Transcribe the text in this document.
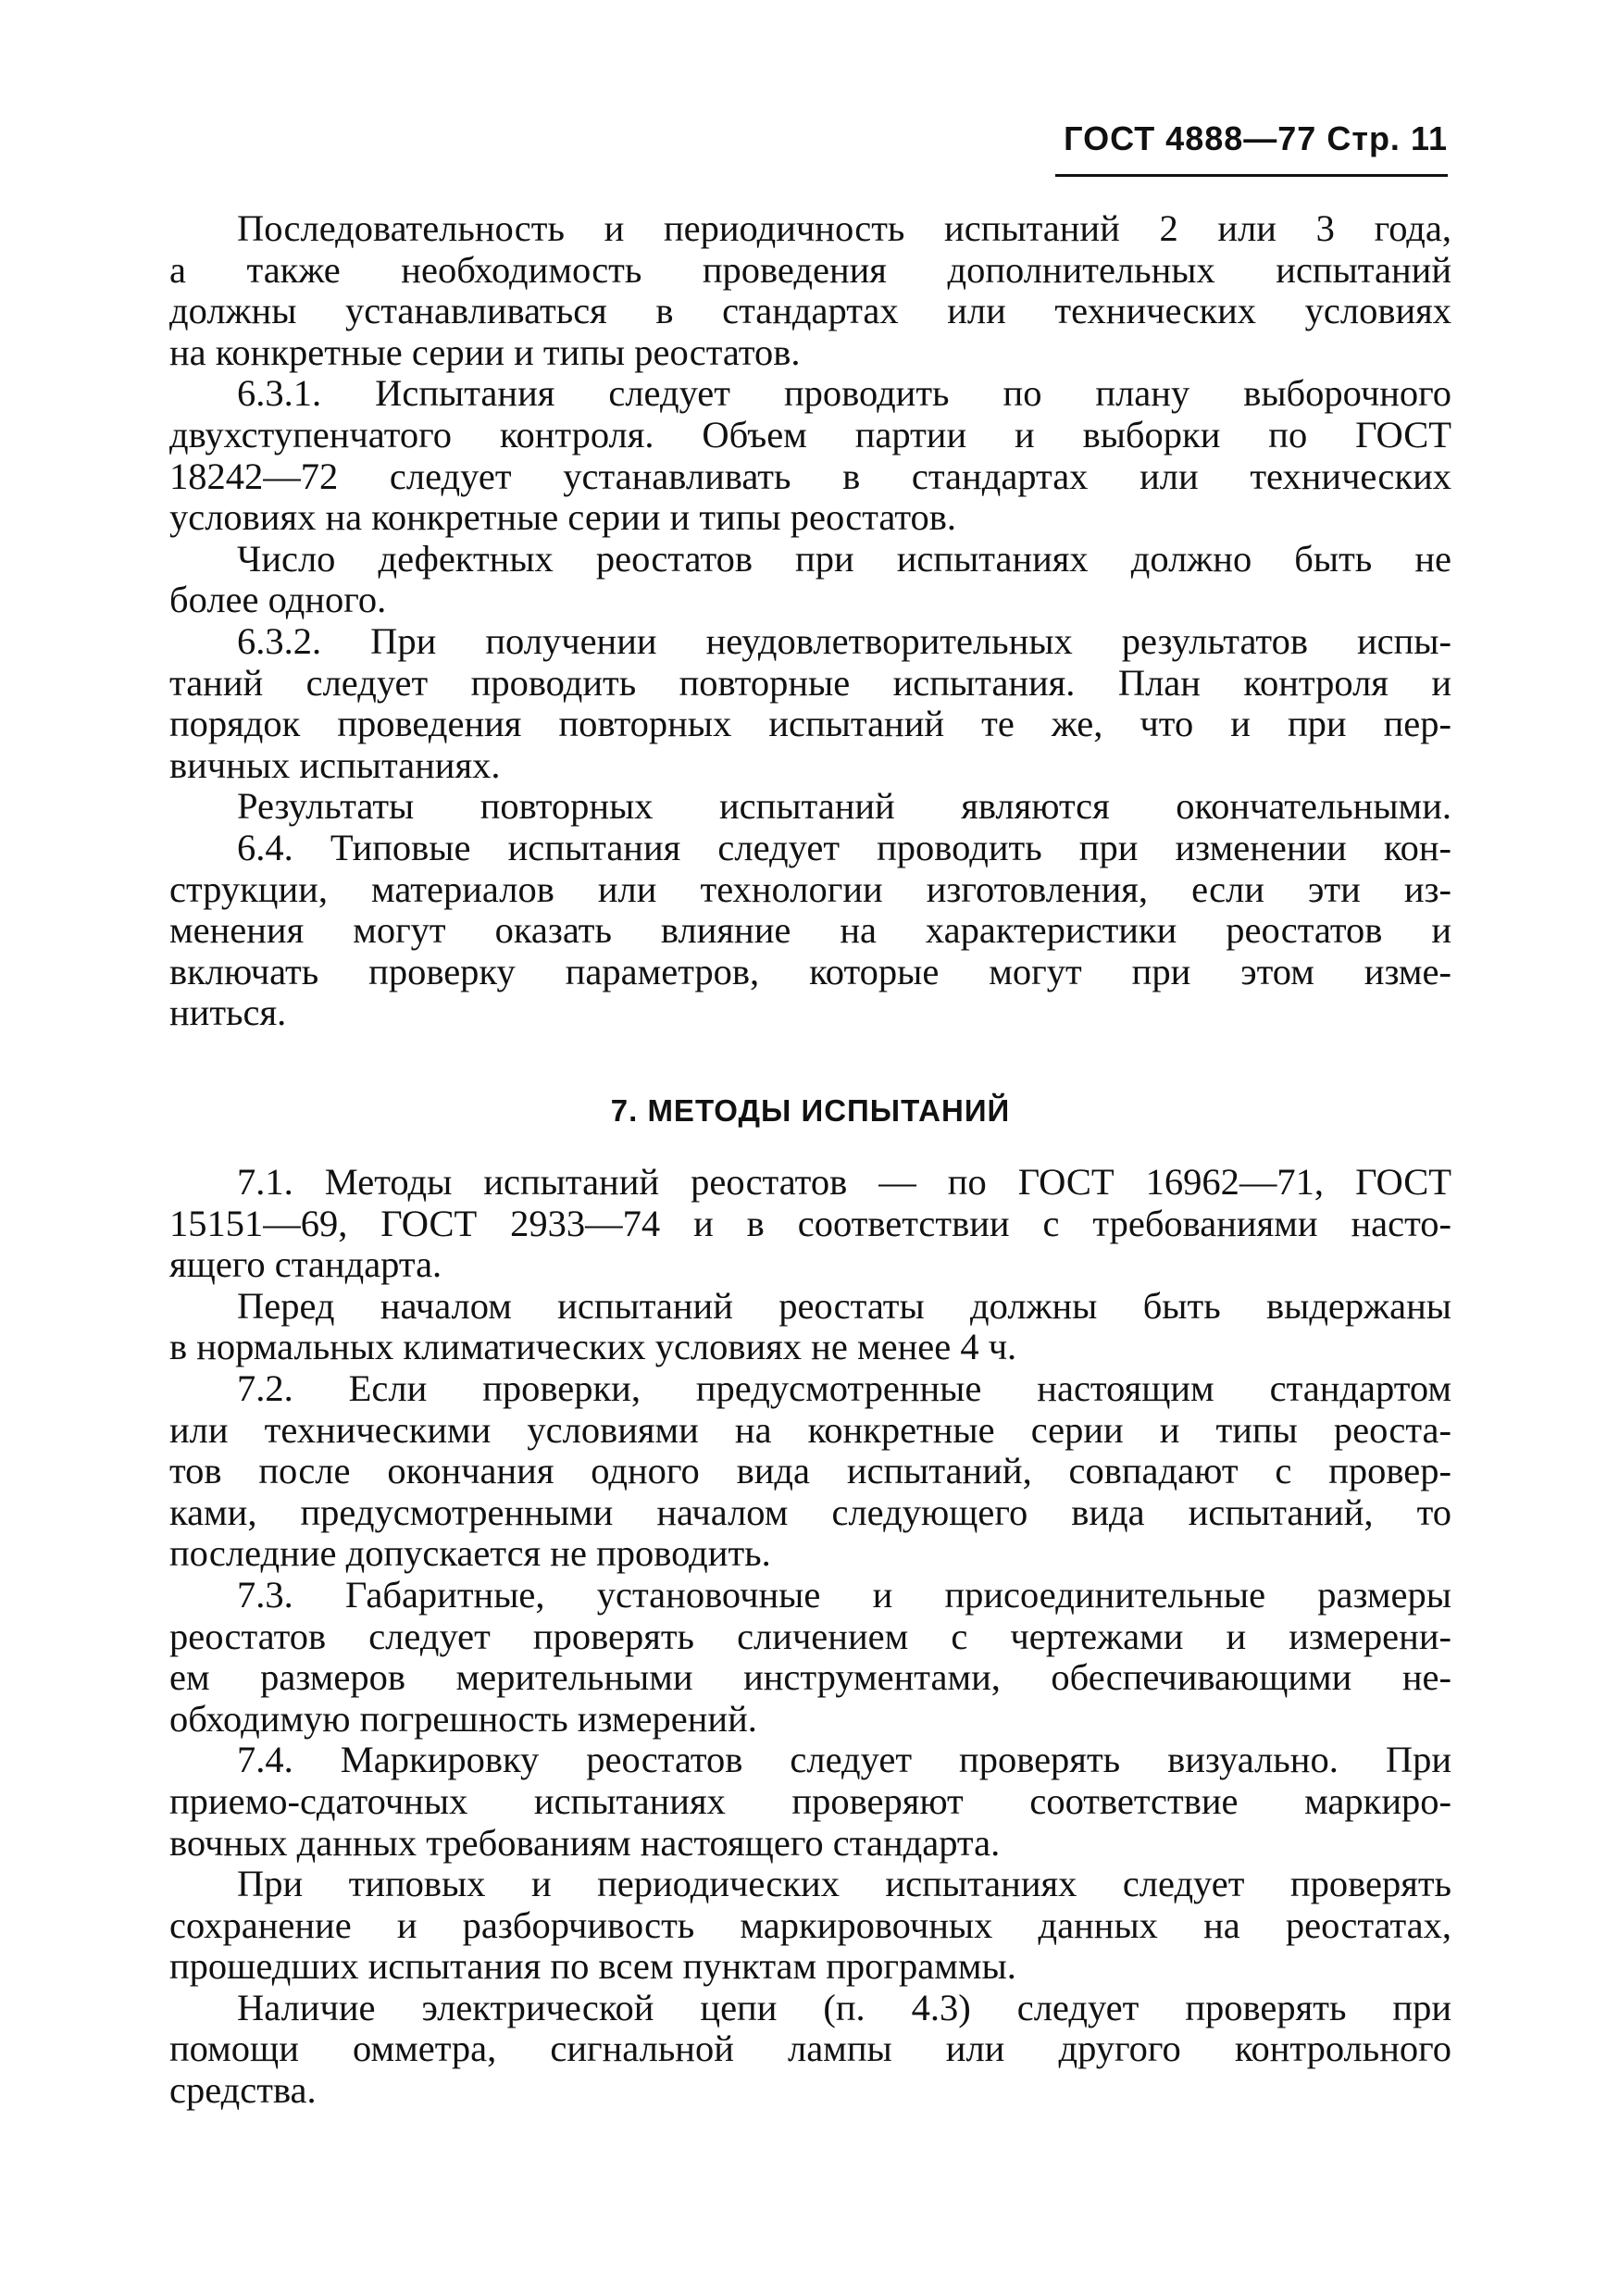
ГОСТ 4888—77 Стр. 11
Последовательность и периодичность испытаний 2 или 3 года,
а также необходимость проведения дополнительных испытаний
должны устанавливаться в стандартах или технических условиях
на конкретные серии и типы реостатов.
6.3.1. Испытания следует проводить по плану выборочного
двухступенчатого контроля. Объем партии и выборки по ГОСТ
18242—72 следует устанавливать в стандартах или технических
условиях на конкретные серии и типы реостатов.
Число дефектных реостатов при испытаниях должно быть не
более одного.
6.3.2. При получении неудовлетворительных результатов испы-
таний следует проводить повторные испытания. План контроля и
порядок проведения повторных испытаний те же, что и при пер-
вичных испытаниях.
Результаты повторных испытаний являются окончательными.
6.4. Типовые испытания следует проводить при изменении кон-
струкции, материалов или технологии изготовления, если эти из-
менения могут оказать влияние на характеристики реостатов и
включать проверку параметров, которые могут при этом изме-
ниться.
7. МЕТОДЫ ИСПЫТАНИЙ
7.1. Методы испытаний реостатов — по ГОСТ 16962—71, ГОСТ
15151—69, ГОСТ 2933—74 и в соответствии с требованиями насто-
ящего стандарта.
Перед началом испытаний реостаты должны быть выдержаны
в нормальных климатических условиях не менее 4 ч.
7.2. Если проверки, предусмотренные настоящим стандартом
или техническими условиями на конкретные серии и типы реоста-
тов после окончания одного вида испытаний, совпадают с провер-
ками, предусмотренными началом следующего вида испытаний, то
последние допускается не проводить.
7.3. Габаритные, установочные и присоединительные размеры
реостатов следует проверять сличением с чертежами и измерени-
ем размеров мерительными инструментами, обеспечивающими не-
обходимую погрешность измерений.
7.4. Маркировку реостатов следует проверять визуально. При
приемо-сдаточных испытаниях проверяют соответствие маркиро-
вочных данных требованиям настоящего стандарта.
При типовых и периодических испытаниях следует проверять
сохранение и разборчивость маркировочных данных на реостатах,
прошедших испытания по всем пунктам программы.
Наличие электрической цепи (п. 4.3) следует проверять при
помощи омметра, сигнальной лампы или другого контрольного
средства.
